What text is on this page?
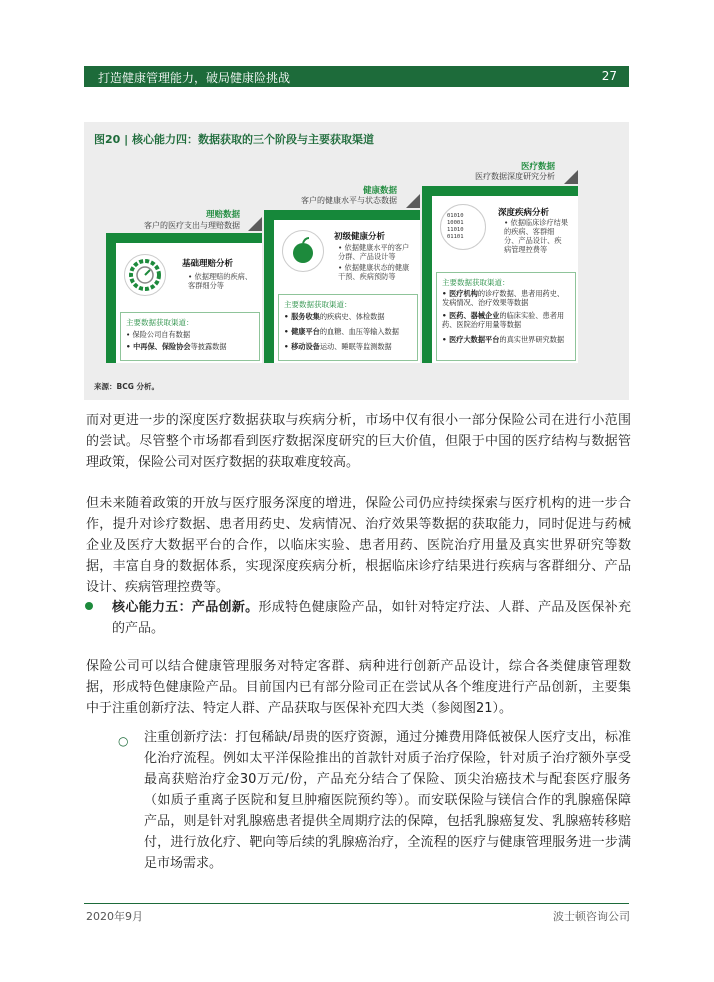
打造健康管理能力，破局健康险挑战	27
图20 | 核心能力四：数据获取的三个阶段与主要获取渠道
理赔数据
客户的医疗支出与理赔数据
基础理赔分析
• 依据理赔的疾病、
客群细分等
主要数据获取渠道：
• 保险公司自有数据
• 中再保、保险协会等披露数据
健康数据
客户的健康水平与状态数据
初级健康分析
• 依据健康水平的客户
分群、产品设计等
• 依据健康状态的健康
干预、疾病预防等
主要数据获取渠道：
• 服务收集的疾病史、体检数据
• 健康平台的血糖、血压等输入数据
• 移动设备运动、睡眠等监测数据
医疗数据
医疗数据深度研究分析
01010
10001
11010
01101
深度疾病分析
• 依据临床诊疗结果
的疾病、客群细
分、产品设计、疾
病管理控费等
主要数据获取渠道：
• 医疗机构的诊疗数据、患者用药史、
发病情况、治疗效果等数据
• 医药、器械企业的临床实验、患者用
药、医院治疗用量等数据
• 医疗大数据平台的真实世界研究数据
来源：BCG 分析。

而对更进一步的深度医疗数据获取与疾病分析，市场中仅有很小一部分保险公司在进行小范围的尝试。尽管整个市场都看到医疗数据深度研究的巨大价值，但限于中国的医疗结构与数据管理政策，保险公司对医疗数据的获取难度较高。

但未来随着政策的开放与医疗服务深度的增进，保险公司仍应持续探索与医疗机构的进一步合作，提升对诊疗数据、患者用药史、发病情况、治疗效果等数据的获取能力，同时促进与药械企业及医疗大数据平台的合作，以临床实验、患者用药、医院治疗用量及真实世界研究等数据，丰富自身的数据体系，实现深度疾病分析，根据临床诊疗结果进行疾病与客群细分、产品设计、疾病管理控费等。

核心能力五：产品创新。形成特色健康险产品，如针对特定疗法、人群、产品及医保补充的产品。

保险公司可以结合健康管理服务对特定客群、病种进行创新产品设计，综合各类健康管理数据，形成特色健康险产品。目前国内已有部分险司正在尝试从各个维度进行产品创新，主要集中于注重创新疗法、特定人群、产品获取与医保补充四大类（参阅图21）。

○ 注重创新疗法：打包稀缺/昂贵的医疗资源，通过分摊费用降低被保人医疗支出，标准化治疗流程。例如太平洋保险推出的首款针对质子治疗保险，针对质子治疗额外享受最高获赔治疗金30万元/份，产品充分结合了保险、顶尖治癌技术与配套医疗服务（如质子重离子医院和复旦肿瘤医院预约等）。而安联保险与镁信合作的乳腺癌保障产品，则是针对乳腺癌患者提供全周期疗法的保障，包括乳腺癌复发、乳腺癌转移赔付，进行放化疗、靶向等后续的乳腺癌治疗，全流程的医疗与健康管理服务进一步满足市场需求。

2020年9月	波士顿咨询公司
